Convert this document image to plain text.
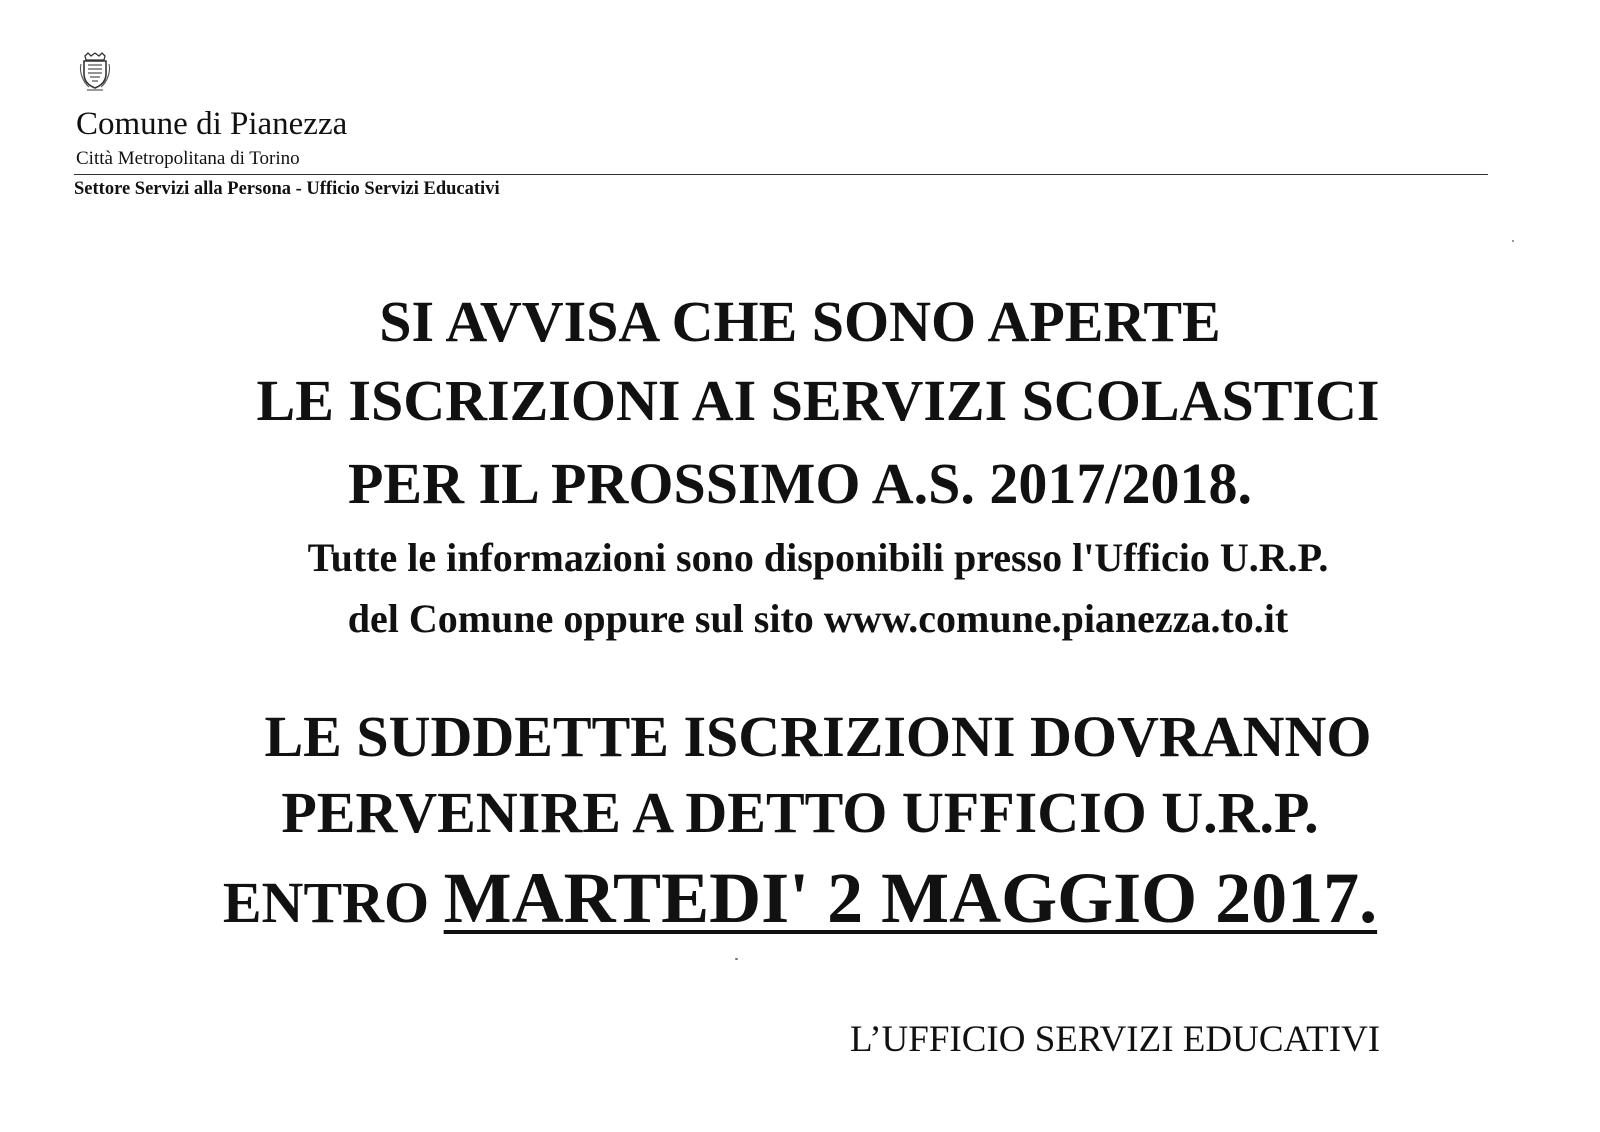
Comune di Pianezza
Città Metropolitana di Torino
Settore Servizi alla Persona - Ufficio Servizi Educativi
SI AVVISA CHE SONO APERTE
LE ISCRIZIONI AI SERVIZI SCOLASTICI
PER IL PROSSIMO A.S. 2017/2018.
Tutte le informazioni sono disponibili presso l'Ufficio U.R.P.
del Comune oppure sul sito www.comune.pianezza.to.it
LE SUDDETTE ISCRIZIONI DOVRANNO
PERVENIRE A DETTO UFFICIO U.R.P.
ENTRO MARTEDI' 2 MAGGIO 2017.
L’UFFICIO SERVIZI EDUCATIVI
